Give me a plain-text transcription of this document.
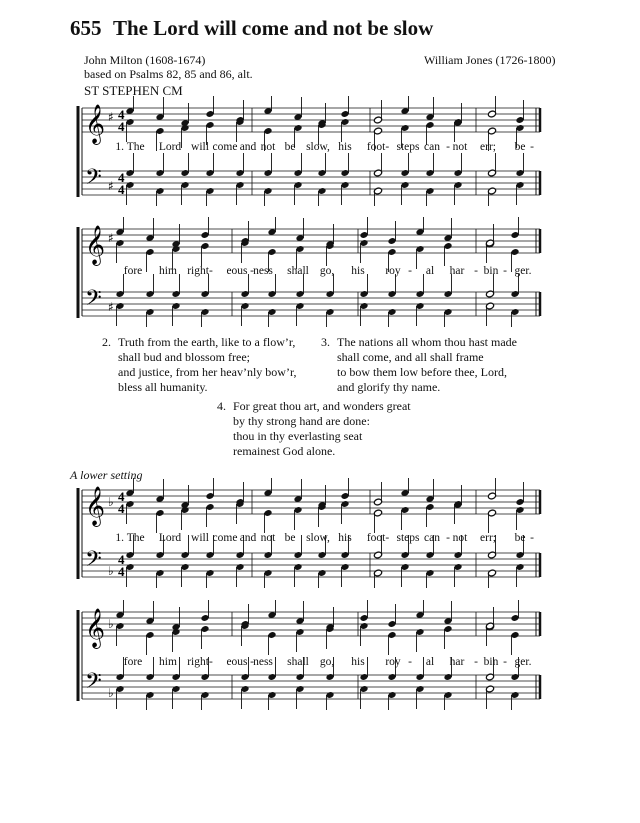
655 The Lord will come and not be slow
John Milton (1608-1674)
based on Psalms 82, 85 and 86, alt.
William Jones (1726-1800)
ST STEPHEN CM
𝄞
𝄢
♯
♯
4
4
4
4
1. The Lord will come and not be slow, his foot- steps can - not err; be -
𝄞
𝄢
♯
♯
fore him right- eous - ness shall go, his roy - al har - bin - ger.
2. Truth from the earth, like to a flow’r,
shall bud and blossom free;
and justice, from her heav’nly bow’r,
bless all humanity.
3. The nations all whom thou hast made
shall come, and all shall frame
to bow them low before thee, Lord,
and glorify thy name.
4. For great thou art, and wonders great
by thy strong hand are done:
thou in thy everlasting seat
remainest God alone.
A lower setting
𝄞
𝄢
♭
♭
4
4
4
4
1. The Lord will come and not be slow, his foot- steps can - not err; be -
𝄞
𝄢
♭
♭
fore him right- eous - ness shall go, his roy - al har - bin - ger.
